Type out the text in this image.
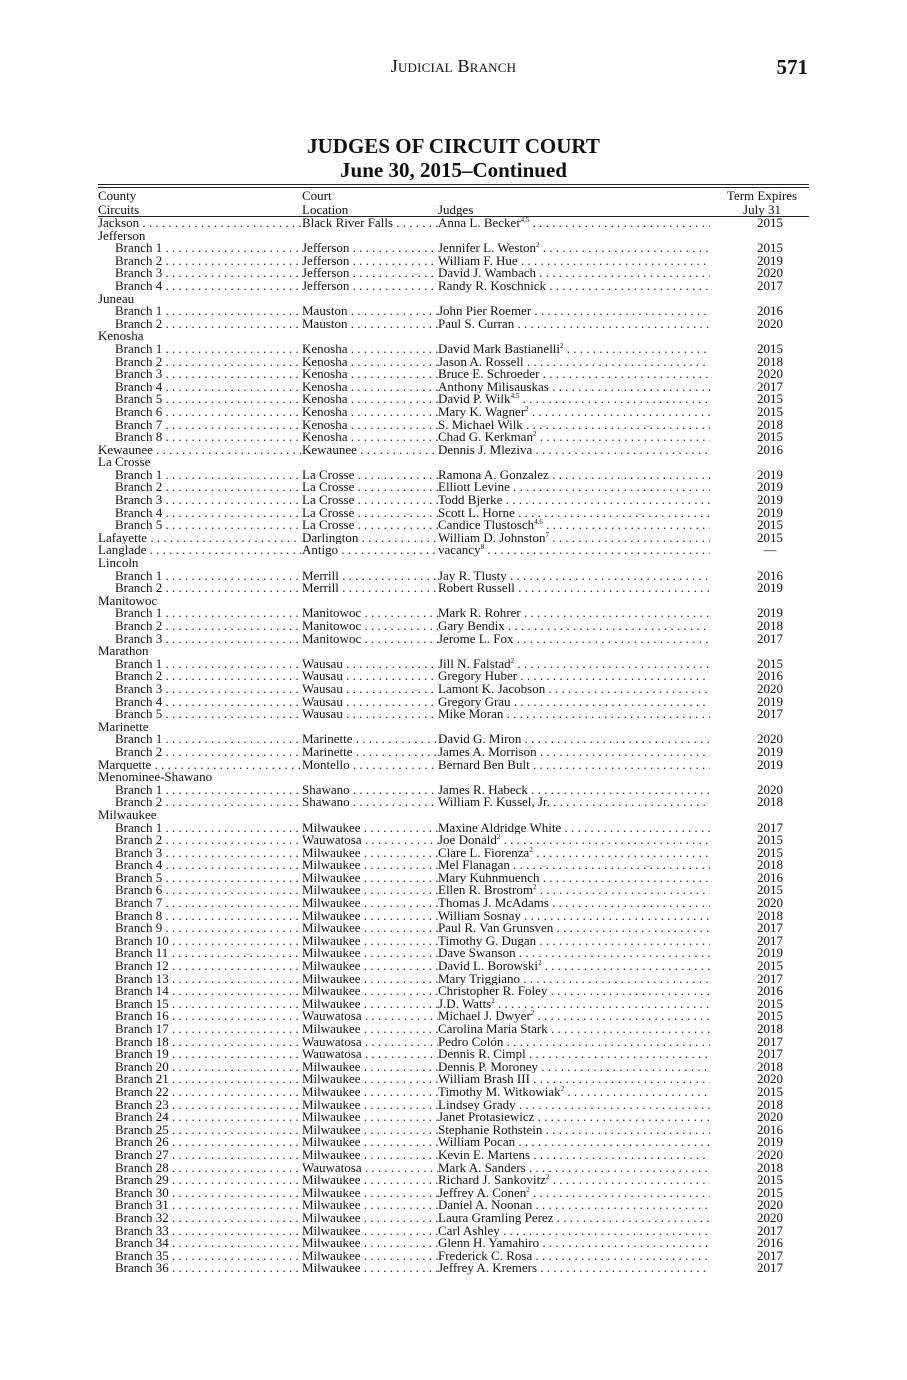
Judicial Branch	571
JUDGES OF CIRCUIT COURT
June 30, 2015–Continued
County
Circuits
Court
Location	Judges
Term Expires
July 31
Jackson . . .	Black River Falls . . .	Anna L. Becker$^{4,5}$ . . .	2015
Jefferson
Branch 1 . . .	Jefferson . . .	Jennifer L. Weston$^2$ . . .	2015
Branch 2 . . .	Jefferson . . .	William F. Hue . . .	2019
Branch 3 . . .	Jefferson . . .	David J. Wambach . . .	2020
Branch 4 . . .	Jefferson . . .	Randy R. Koschnick . . .	2017
Juneau
Branch 1 . . .	Mauston . . .	John Pier Roemer . . .	2016
Branch 2 . . .	Mauston . . .	Paul S. Curran . . .	2020
Kenosha
Branch 1 . . .	Kenosha . . .	David Mark Bastianelli$^2$ . . .	2015
Branch 2 . . .	Kenosha . . .	Jason A. Rossell . . .	2018
Branch 3 . . .	Kenosha . . .	Bruce E. Schroeder . . .	2020
Branch 4 . . .	Kenosha . . .	Anthony Milisauskas . . .	2017
Branch 5 . . .	Kenosha . . .	David P. Wilk$^{4,5}$ . . .	2015
Branch 6 . . .	Kenosha . . .	Mary K. Wagner$^2$ . . .	2015
Branch 7 . . .	Kenosha . . .	S. Michael Wilk . . .	2018
Branch 8 . . .	Kenosha . . .	Chad G. Kerkman$^2$ . . .	2015
Kewaunee . . .	Kewaunee . . .	Dennis J. Mleziva . . .	2016
La Crosse
Branch 1 . . .	La Crosse . . .	Ramona A. Gonzalez . . .	2019
Branch 2 . . .	La Crosse . . .	Elliott Levine . . .	2019
Branch 3 . . .	La Crosse . . .	Todd Bjerke . . .	2019
Branch 4 . . .	La Crosse . . .	Scott L. Horne . . .	2019
Branch 5 . . .	La Crosse . . .	Candice Tlustosch$^{4,6}$ . . .	2015
Lafayette . . .	Darlington . . .	William D. Johnston$^7$ . . .	2015
Langlade . . .	Antigo . . .	vacancy$^8$ . . .	—
Lincoln
Branch 1 . . .	Merrill . . .	Jay R. Tlusty . . .	2016
Branch 2 . . .	Merrill . . .	Robert Russell . . .	2019
Manitowoc
Branch 1 . . .	Manitowoc . . .	Mark R. Rohrer . . .	2019
Branch 2 . . .	Manitowoc . . .	Gary Bendix . . .	2018
Branch 3 . . .	Manitowoc . . .	Jerome L. Fox . . .	2017
Marathon
Branch 1 . . .	Wausau . . .	Jill N. Falstad$^2$ . . .	2015
Branch 2 . . .	Wausau . . .	Gregory Huber . . .	2016
Branch 3 . . .	Wausau . . .	Lamont K. Jacobson . . .	2020
Branch 4 . . .	Wausau . . .	Gregory Grau . . .	2019
Branch 5 . . .	Wausau . . .	Mike Moran . . .	2017
Marinette
Branch 1 . . .	Marinette . . .	David G. Miron . . .	2020
Branch 2 . . .	Marinette . . .	James A. Morrison . . .	2019
Marquette . . .	Montello . . .	Bernard Ben Bult . . .	2019
Menominee-Shawano
Branch 1 . . .	Shawano . . .	James R. Habeck . . .	2020
Branch 2 . . .	Shawano . . .	William F. Kussel, Jr. . . .	2018
Milwaukee
Branch 1 . . .	Milwaukee . . .	Maxine Aldridge White . . .	2017
Branch 2 . . .	Wauwatosa . . .	Joe Donald$^2$ . . .	2015
Branch 3 . . .	Milwaukee . . .	Clare L. Fiorenza$^2$ . . .	2015
Branch 4 . . .	Milwaukee . . .	Mel Flanagan . . .	2018
Branch 5 . . .	Milwaukee . . .	Mary Kuhnmuench . . .	2016
Branch 6 . . .	Milwaukee . . .	Ellen R. Brostrom$^2$ . . .	2015
Branch 7 . . .	Milwaukee . . .	Thomas J. McAdams . . .	2020
Branch 8 . . .	Milwaukee . . .	William Sosnay . . .	2018
Branch 9 . . .	Milwaukee . . .	Paul R. Van Grunsven . . .	2017
Branch 10 . . .	Milwaukee . . .	Timothy G. Dugan . . .	2017
Branch 11 . . .	Milwaukee . . .	Dave Swanson . . .	2019
Branch 12 . . .	Milwaukee . . .	David L. Borowski$^2$ . . .	2015
Branch 13 . . .	Milwaukee . . .	Mary Triggiano . . .	2017
Branch 14 . . .	Milwaukee . . .	Christopher R. Foley . . .	2016
Branch 15 . . .	Milwaukee . . .	J.D. Watts$^2$ . . .	2015
Branch 16 . . .	Wauwatosa . . .	Michael J. Dwyer$^2$ . . .	2015
Branch 17 . . .	Milwaukee . . .	Carolina Maria Stark . . .	2018
Branch 18 . . .	Wauwatosa . . .	Pedro Colón . . .	2017
Branch 19 . . .	Wauwatosa . . .	Dennis R. Cimpl . . .	2017
Branch 20 . . .	Milwaukee . . .	Dennis P. Moroney . . .	2018
Branch 21 . . .	Milwaukee . . .	William Brash III . . .	2020
Branch 22 . . .	Milwaukee . . .	Timothy M. Witkowiak$^2$ . . .	2015
Branch 23 . . .	Milwaukee . . .	Lindsey Grady . . .	2018
Branch 24 . . .	Milwaukee . . .	Janet Protasiewicz . . .	2020
Branch 25 . . .	Milwaukee . . .	Stephanie Rothstein . . .	2016
Branch 26 . . .	Milwaukee . . .	William Pocan . . .	2019
Branch 27 . . .	Milwaukee . . .	Kevin E. Martens . . .	2020
Branch 28 . . .	Wauwatosa . . .	Mark A. Sanders . . .	2018
Branch 29 . . .	Milwaukee . . .	Richard J. Sankovitz$^2$ . . .	2015
Branch 30 . . .	Milwaukee . . .	Jeffrey A. Conen$^2$ . . .	2015
Branch 31 . . .	Milwaukee . . .	Daniel A. Noonan . . .	2020
Branch 32 . . .	Milwaukee . . .	Laura Gramling Perez . . .	2020
Branch 33 . . .	Milwaukee . . .	Carl Ashley . . .	2017
Branch 34 . . .	Milwaukee . . .	Glenn H. Yamahiro . . .	2016
Branch 35 . . .	Milwaukee . . .	Frederick C. Rosa . . .	2017
Branch 36 . . .	Milwaukee . . .	Jeffrey A. Kremers . . .	2017
